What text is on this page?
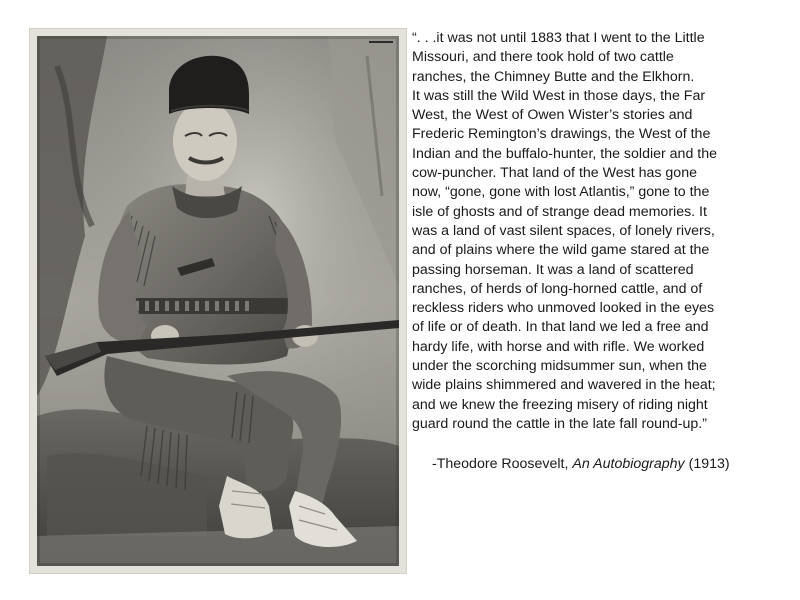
“. . .it was not until 1883 that I went to the Little
Missouri, and there took hold of two cattle
ranches, the Chimney Butte and the Elkhorn.
It was still the Wild West in those days, the Far
West, the West of Owen Wister’s stories and
Frederic Remington’s drawings, the West of the
Indian and the buffalo-hunter, the soldier and the
cow-puncher. That land of the West has gone
now, “gone, gone with lost Atlantis,” gone to the
isle of ghosts and of strange dead memories. It
was a land of vast silent spaces, of lonely rivers,
and of plains where the wild game stared at the
passing horseman. It was a land of scattered
ranches, of herds of long-horned cattle, and of
reckless riders who unmoved looked in the eyes
of life or of death. In that land we led a free and
hardy life, with horse and with rifle. We worked
under the scorching midsummer sun, when the
wide plains shimmered and wavered in the heat;
and we knew the freezing misery of riding night
guard round the cattle in the late fall round-up.”

-Theodore Roosevelt, An Autobiography (1913)
